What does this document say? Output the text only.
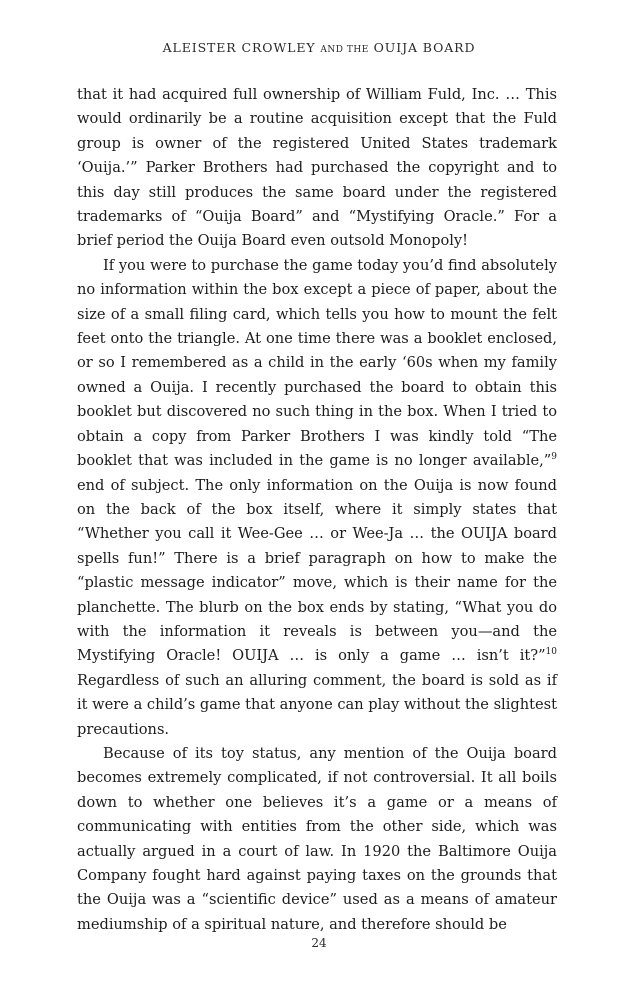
ALEISTER CROWLEY AND THE OUIJA BOARD

that it had acquired full ownership of William Fuld, Inc. … This would ordinarily be a routine acquisition except that the Fuld group is owner of the registered United States trademark ‘Ouija.’” Parker Brothers had purchased the copyright and to this day still produces the same board under the registered trademarks of “Ouija Board” and “Mystifying Oracle.” For a brief period the Ouija Board even outsold Monopoly!

If you were to purchase the game today you’d find absolutely no information within the box except a piece of paper, about the size of a small filing card, which tells you how to mount the felt feet onto the triangle. At one time there was a booklet enclosed, or so I remembered as a child in the early ‘60s when my family owned a Ouija. I recently purchased the board to obtain this booklet but discovered no such thing in the box. When I tried to obtain a copy from Parker Brothers I was kindly told “The booklet that was included in the game is no longer available,”$^9$ end of subject. The only information on the Ouija is now found on the back of the box itself, where it simply states that “Whether you call it Wee-Gee … or Wee-Ja … the OUIJA board spells fun!” There is a brief paragraph on how to make the “plastic message indicator” move, which is their name for the planchette. The blurb on the box ends by stating, “What you do with the information it reveals is between you—and the Mystifying Oracle! OUIJA … is only a game … isn’t it?”$^{10}$ Regardless of such an alluring comment, the board is sold as if it were a child’s game that anyone can play without the slightest precautions.

Because of its toy status, any mention of the Ouija board becomes extremely complicated, if not controversial. It all boils down to whether one believes it’s a game or a means of communicating with entities from the other side, which was actually argued in a court of law. In 1920 the Baltimore Ouija Company fought hard against paying taxes on the grounds that the Ouija was a “scientific device” used as a means of amateur mediumship of a spiritual nature, and therefore should be

24
